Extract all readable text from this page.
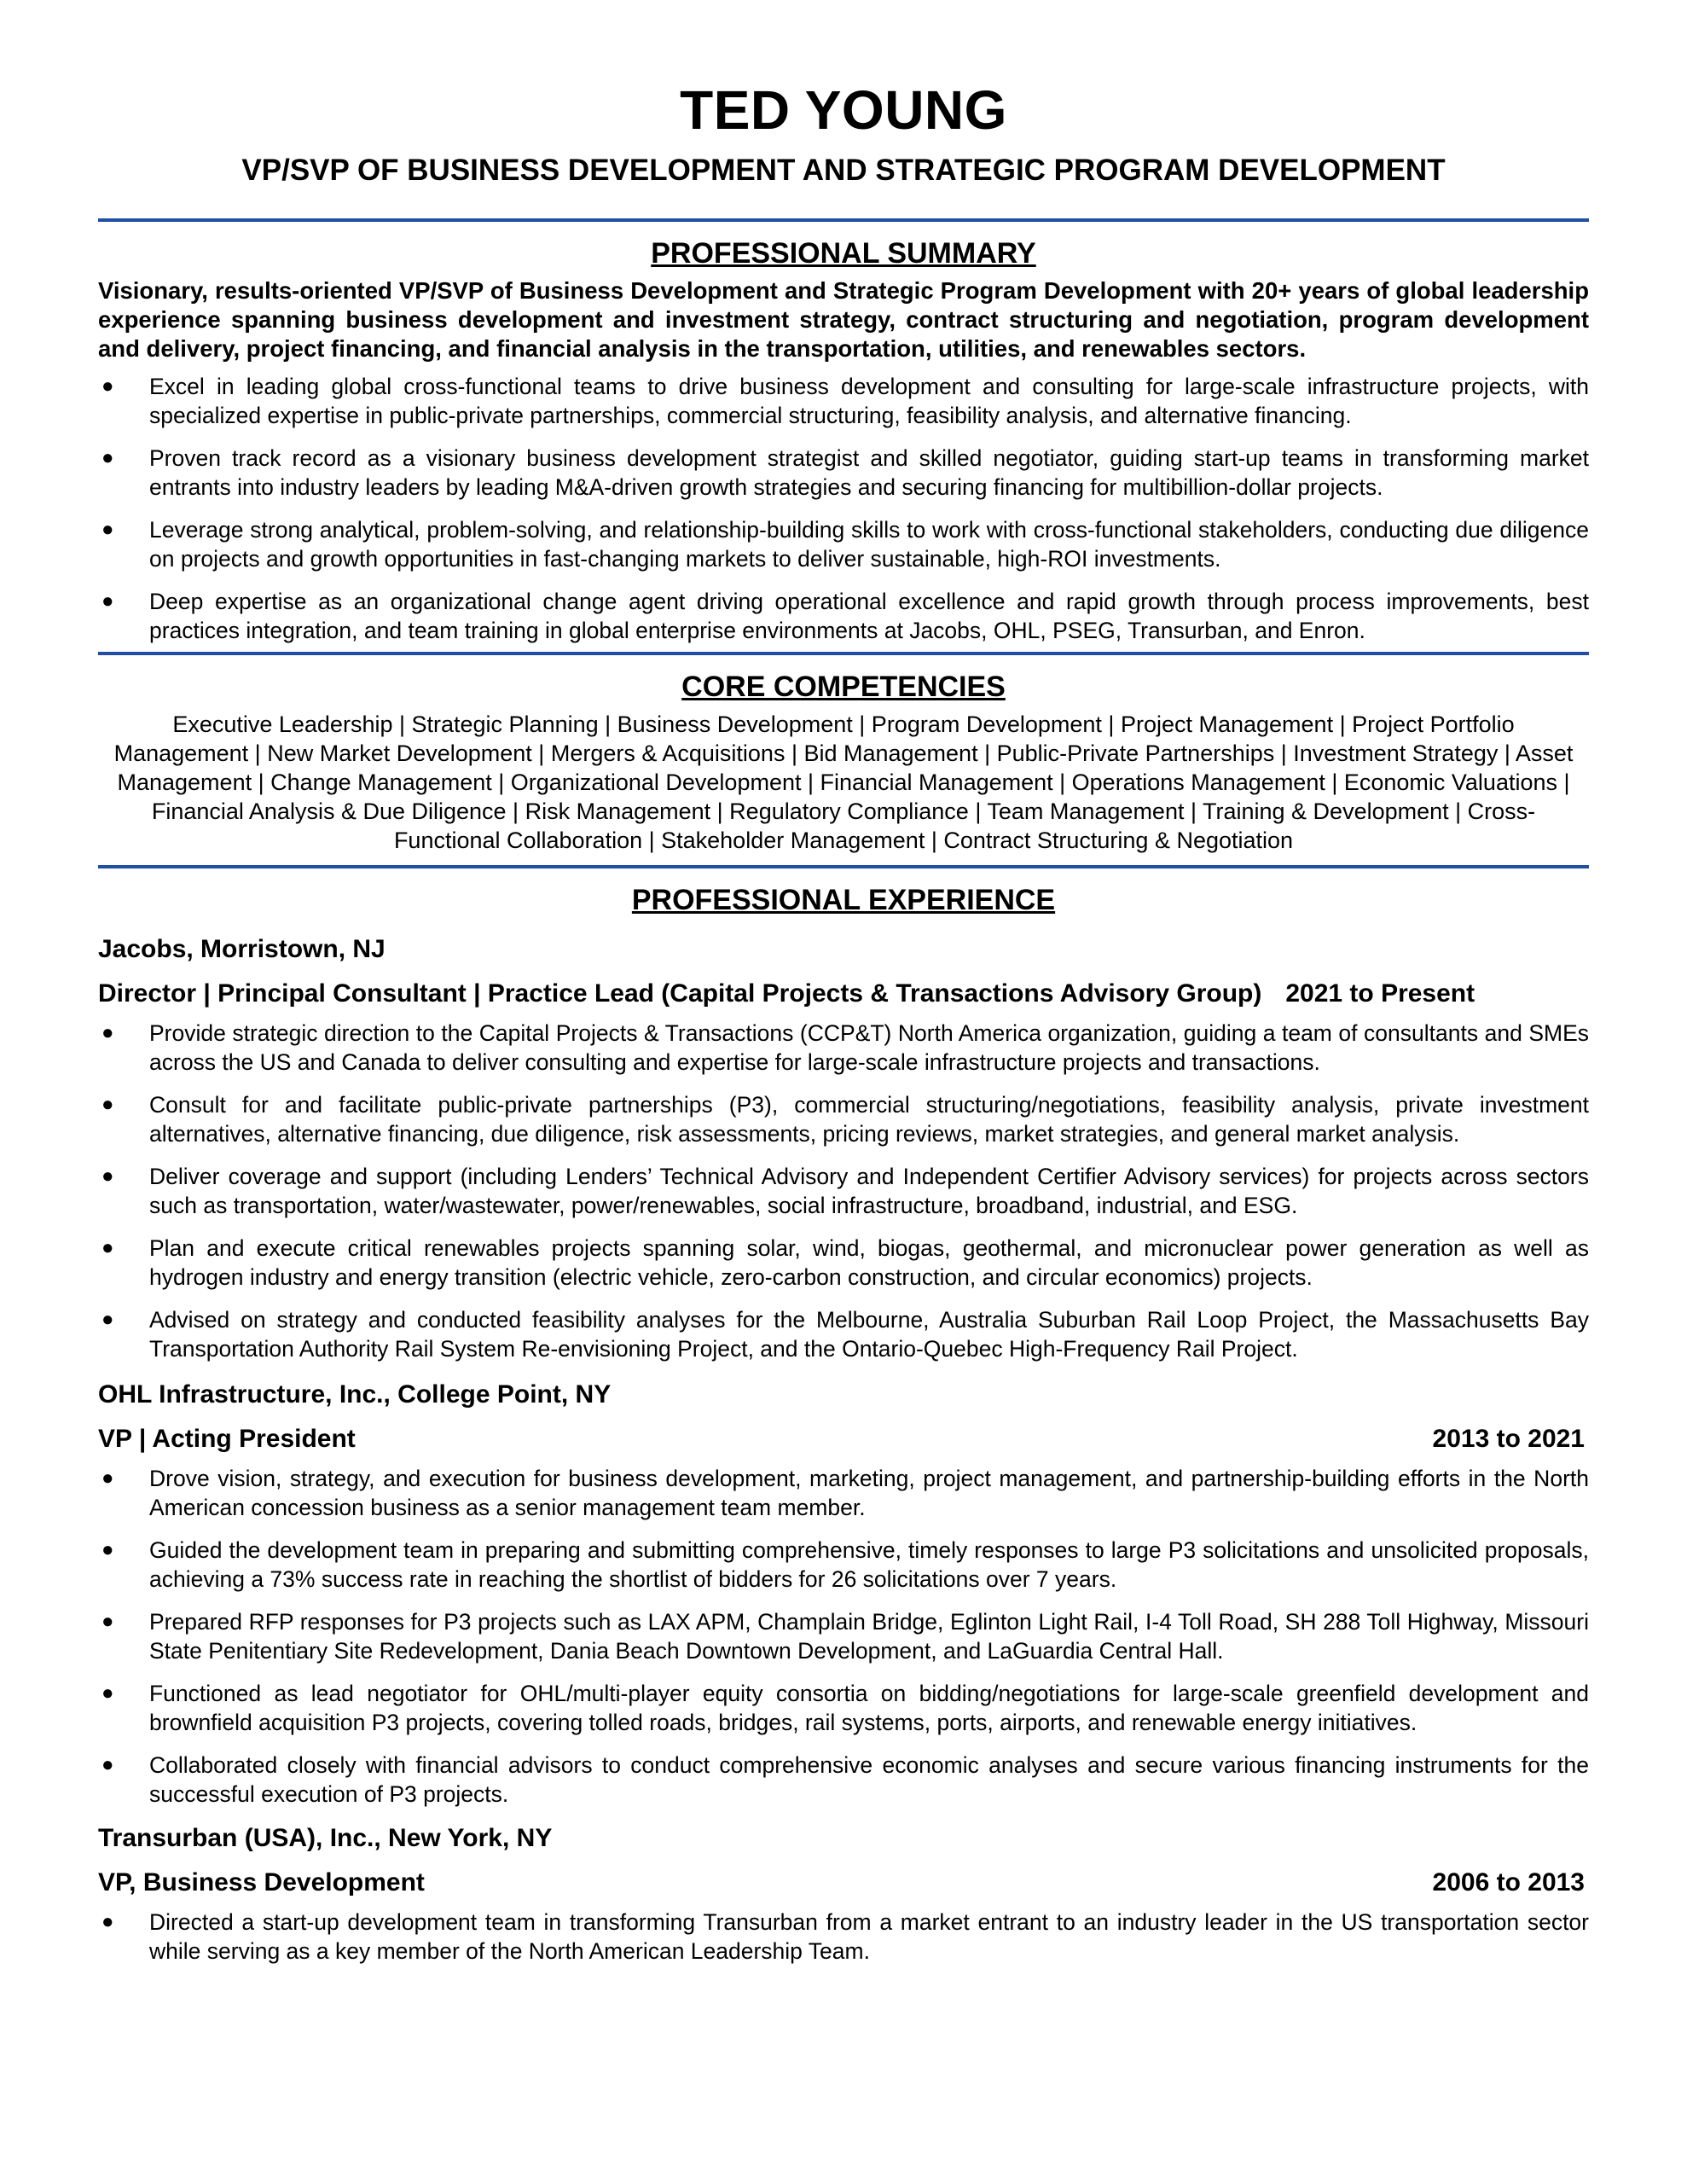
TED YOUNG
VP/SVP OF BUSINESS DEVELOPMENT AND STRATEGIC PROGRAM DEVELOPMENT
PROFESSIONAL SUMMARY
Visionary, results-oriented VP/SVP of Business Development and Strategic Program Development with 20+ years of global leadership experience spanning business development and investment strategy, contract structuring and negotiation, program development and delivery, project financing, and financial analysis in the transportation, utilities, and renewables sectors.
● Excel in leading global cross-functional teams to drive business development and consulting for large-scale infrastructure projects, with specialized expertise in public-private partnerships, commercial structuring, feasibility analysis, and alternative financing.
● Proven track record as a visionary business development strategist and skilled negotiator, guiding start-up teams in transforming market entrants into industry leaders by leading M&A-driven growth strategies and securing financing for multibillion-dollar projects.
● Leverage strong analytical, problem-solving, and relationship-building skills to work with cross-functional stakeholders, conducting due diligence on projects and growth opportunities in fast-changing markets to deliver sustainable, high-ROI investments.
● Deep expertise as an organizational change agent driving operational excellence and rapid growth through process improvements, best practices integration, and team training in global enterprise environments at Jacobs, OHL, PSEG, Transurban, and Enron.
CORE COMPETENCIES
Executive Leadership | Strategic Planning | Business Development | Program Development | Project Management | Project Portfolio Management | New Market Development | Mergers & Acquisitions | Bid Management | Public-Private Partnerships | Investment Strategy | Asset Management | Change Management | Organizational Development | Financial Management | Operations Management | Economic Valuations | Financial Analysis & Due Diligence | Risk Management | Regulatory Compliance | Team Management | Training & Development | Cross-Functional Collaboration | Stakeholder Management | Contract Structuring & Negotiation
PROFESSIONAL EXPERIENCE
Jacobs, Morristown, NJ
Director | Principal Consultant | Practice Lead (Capital Projects & Transactions Advisory Group) 2021 to Present
● Provide strategic direction to the Capital Projects & Transactions (CCP&T) North America organization, guiding a team of consultants and SMEs across the US and Canada to deliver consulting and expertise for large-scale infrastructure projects and transactions.
● Consult for and facilitate public-private partnerships (P3), commercial structuring/negotiations, feasibility analysis, private investment alternatives, alternative financing, due diligence, risk assessments, pricing reviews, market strategies, and general market analysis.
● Deliver coverage and support (including Lenders’ Technical Advisory and Independent Certifier Advisory services) for projects across sectors such as transportation, water/wastewater, power/renewables, social infrastructure, broadband, industrial, and ESG.
● Plan and execute critical renewables projects spanning solar, wind, biogas, geothermal, and micronuclear power generation as well as hydrogen industry and energy transition (electric vehicle, zero-carbon construction, and circular economics) projects.
● Advised on strategy and conducted feasibility analyses for the Melbourne, Australia Suburban Rail Loop Project, the Massachusetts Bay Transportation Authority Rail System Re-envisioning Project, and the Ontario-Quebec High-Frequency Rail Project.
OHL Infrastructure, Inc., College Point, NY
VP | Acting President	2013 to 2021
● Drove vision, strategy, and execution for business development, marketing, project management, and partnership-building efforts in the North American concession business as a senior management team member.
● Guided the development team in preparing and submitting comprehensive, timely responses to large P3 solicitations and unsolicited proposals, achieving a 73% success rate in reaching the shortlist of bidders for 26 solicitations over 7 years.
● Prepared RFP responses for P3 projects such as LAX APM, Champlain Bridge, Eglinton Light Rail, I-4 Toll Road, SH 288 Toll Highway, Missouri State Penitentiary Site Redevelopment, Dania Beach Downtown Development, and LaGuardia Central Hall.
● Functioned as lead negotiator for OHL/multi-player equity consortia on bidding/negotiations for large-scale greenfield development and brownfield acquisition P3 projects, covering tolled roads, bridges, rail systems, ports, airports, and renewable energy initiatives.
● Collaborated closely with financial advisors to conduct comprehensive economic analyses and secure various financing instruments for the successful execution of P3 projects.
Transurban (USA), Inc., New York, NY
VP, Business Development	2006 to 2013
● Directed a start-up development team in transforming Transurban from a market entrant to an industry leader in the US transportation sector while serving as a key member of the North American Leadership Team.
